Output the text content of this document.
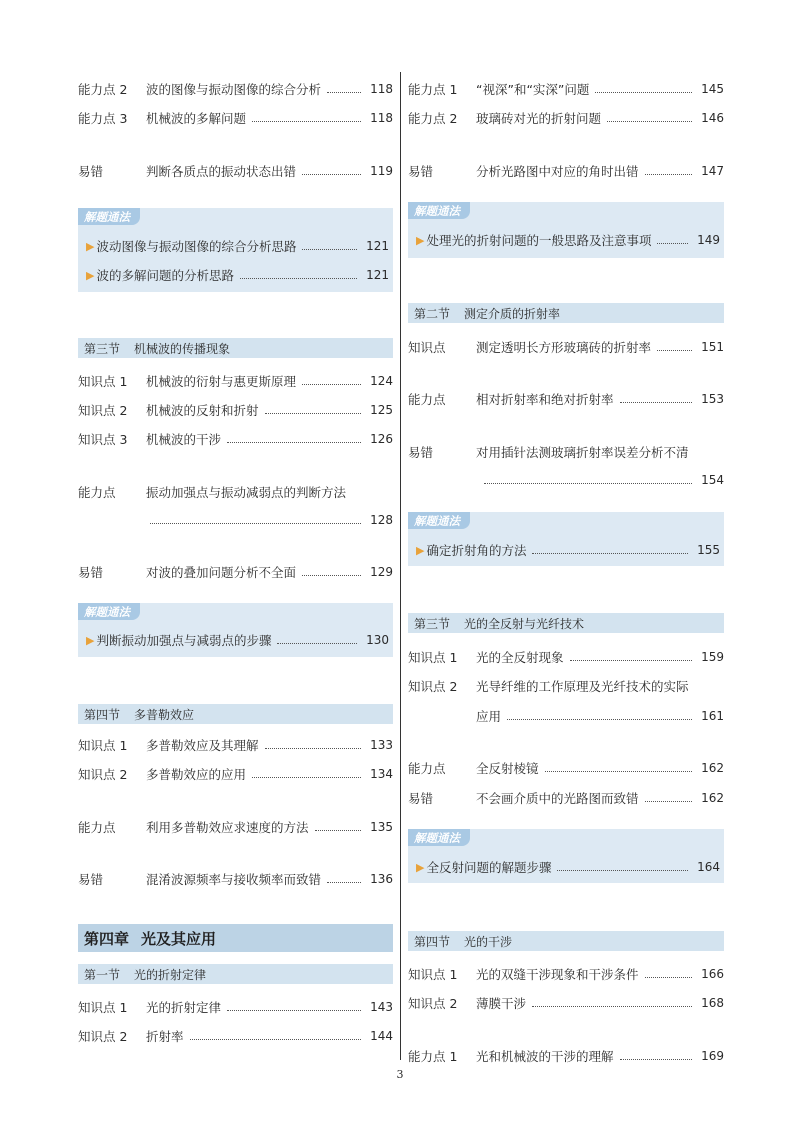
能力点 2	波的图像与振动图像的综合分析	118
能力点 3	机械波的多解问题	118
易错	判断各质点的振动状态出错	119
解题通法
▶ 波动图像与振动图像的综合分析思路	121
▶ 波的多解问题的分析思路	121
第三节 机械波的传播现象
知识点 1	机械波的衍射与惠更斯原理	124
知识点 2	机械波的反射和折射	125
知识点 3	机械波的干涉	126
能力点	振动加强点与振动减弱点的判断方法
128
易错	对波的叠加问题分析不全面	129
解题通法
▶ 判断振动加强点与减弱点的步骤	130
第四节 多普勒效应
知识点 1	多普勒效应及其理解	133
知识点 2	多普勒效应的应用	134
能力点	利用多普勒效应求速度的方法	135
易错	混淆波源频率与接收频率而致错	136
第四章 光及其应用
第一节 光的折射定律
知识点 1	光的折射定律	143
知识点 2	折射率	144
能力点 1	“视深”和“实深”问题	145
能力点 2	玻璃砖对光的折射问题	146
易错	分析光路图中对应的角时出错	147
解题通法
▶ 处理光的折射问题的一般思路及注意事项	149
第二节 测定介质的折射率
知识点	测定透明长方形玻璃砖的折射率	151
能力点	相对折射率和绝对折射率	153
易错	对用插针法测玻璃折射率误差分析不清
154
解题通法
▶ 确定折射角的方法	155
第三节 光的全反射与光纤技术
知识点 1	光的全反射现象	159
知识点 2	光导纤维的工作原理及光纤技术的实际
应用	161
能力点	全反射棱镜	162
易错	不会画介质中的光路图而致错	162
解题通法
▶ 全反射问题的解题步骤	164
第四节 光的干涉
知识点 1	光的双缝干涉现象和干涉条件	166
知识点 2	薄膜干涉	168
能力点 1	光和机械波的干涉的理解	169
3
